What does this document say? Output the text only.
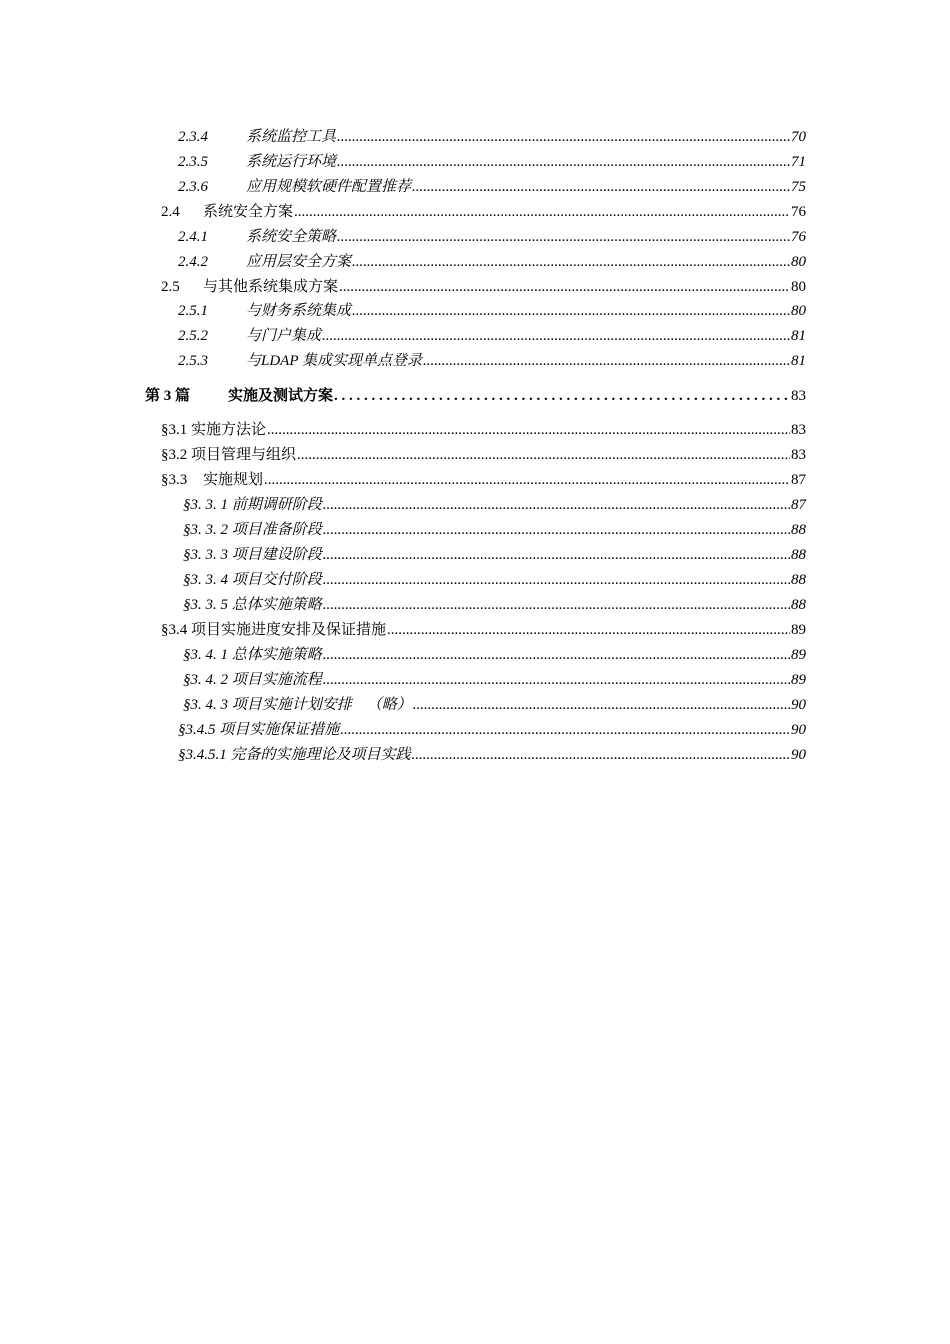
2.3.4	系统监控工具 .....	70
2.3.5	系统运行环境 .....	71
2.3.6	应用规模软硬件配置推荐 .....	75
2.4	系统安全方案 .....	76
2.4.1	系统安全策略 .....	76
2.4.2	应用层安全方案 .....	80
2.5	与其他系统集成方案 .....	80
2.5.1	与财务系统集成 .....	80
2.5.2	与门户集成 .....	81
2.5.3	与LDAP 集成实现单点登录 .....	81
第 3 篇	实施及测试方案 . . .	83
§3.1 实施方法论 .....	83
§3.2 项目管理与组织 .....	83
§3.3	实施规划 .....	87
§3. 3. 1 前期调研阶段 .....	87
§3. 3. 2 项目准备阶段 .....	88
§3. 3. 3 项目建设阶段 .....	88
§3. 3. 4 项目交付阶段 .....	88
§3. 3. 5 总体实施策略 .....	88
§3.4 项目实施进度安排及保证措施 .....	89
§3. 4. 1 总体实施策略 .....	89
§3. 4. 2 项目实施流程 .....	89
§3. 4. 3 项目实施计划安排    （略） .....	90
§3.4.5 项目实施保证措施 .....	90
§3.4.5.1 完备的实施理论及项目实践 .....	90
